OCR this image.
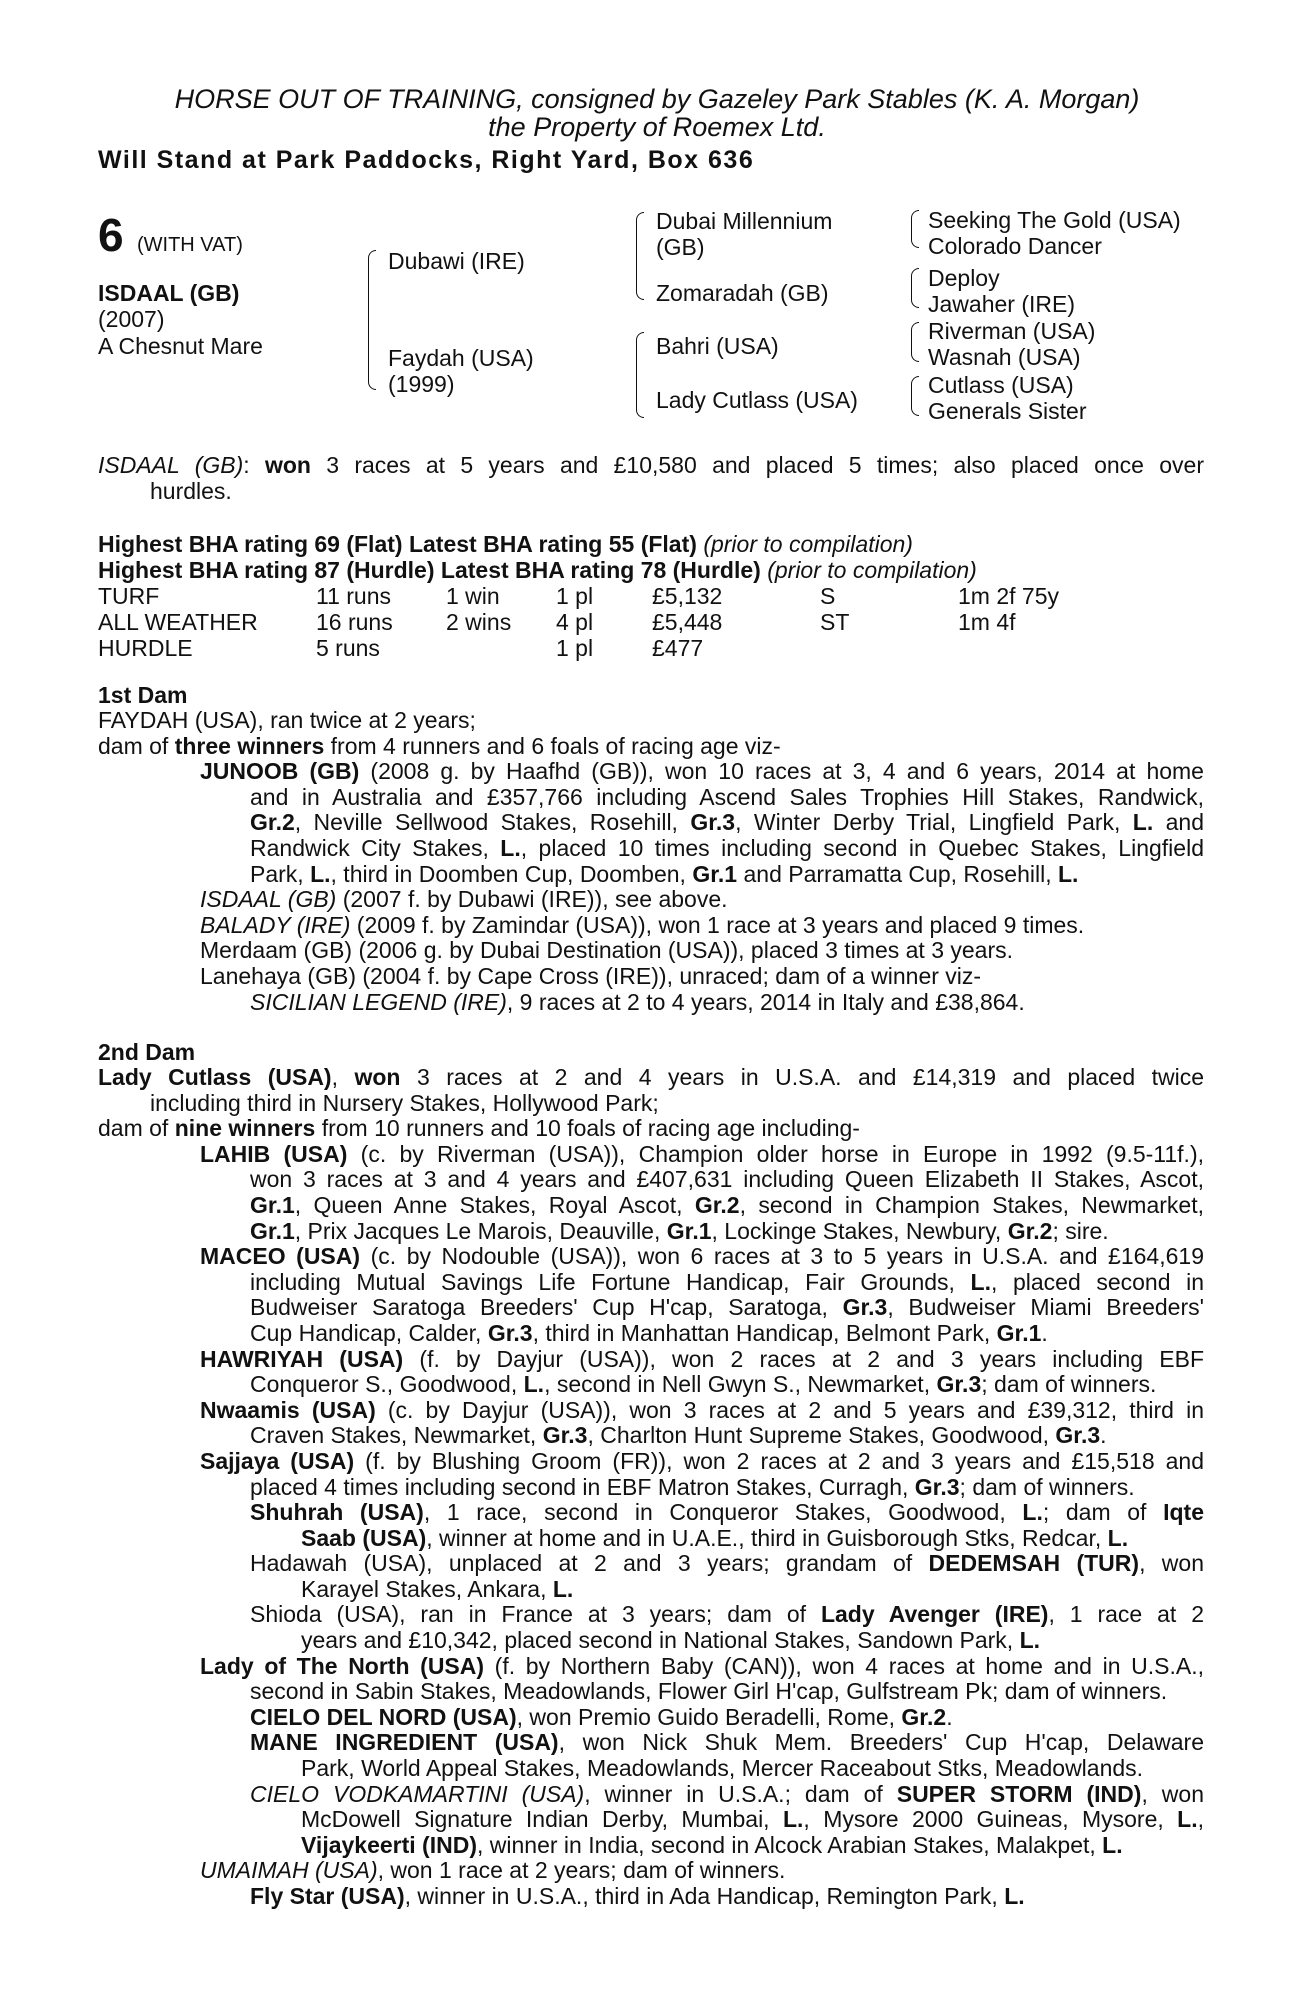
HORSE OUT OF TRAINING, consigned by Gazeley Park Stables (K. A. Morgan)
the Property of Roemex Ltd.
Will Stand at Park Paddocks, Right Yard, Box 636
6 (WITH VAT)
ISDAAL (GB)
(2007)
A Chesnut Mare
Dubawi (IRE)
Faydah (USA)
(1999)
Dubai Millennium
(GB)
Zomaradah (GB)
Bahri (USA)
Lady Cutlass (USA)
Seeking The Gold (USA)
Colorado Dancer
Deploy
Jawaher (IRE)
Riverman (USA)
Wasnah (USA)
Cutlass (USA)
Generals Sister
ISDAAL (GB): won 3 races at 5 years and £10,580 and placed 5 times; also placed once over
hurdles.
Highest BHA rating 69 (Flat) Latest BHA rating 55 (Flat) (prior to compilation)
Highest BHA rating 87 (Hurdle) Latest BHA rating 78 (Hurdle) (prior to compilation)
TURF	11 runs 1 win 1 pl	£5,132	S	1m 2f 75y
ALL WEATHER	16 runs 2 wins 4 pl	£5,448	ST	1m 4f
HURDLE	5 runs	1 pl	£477
1st Dam
FAYDAH (USA), ran twice at 2 years;
dam of three winners from 4 runners and 6 foals of racing age viz-
JUNOOB (GB) (2008 g. by Haafhd (GB)), won 10 races at 3, 4 and 6 years, 2014 at home
and in Australia and £357,766 including Ascend Sales Trophies Hill Stakes, Randwick,
Gr.2, Neville Sellwood Stakes, Rosehill, Gr.3, Winter Derby Trial, Lingfield Park, L. and
Randwick City Stakes, L., placed 10 times including second in Quebec Stakes, Lingfield
Park, L., third in Doomben Cup, Doomben, Gr.1 and Parramatta Cup, Rosehill, L.
ISDAAL (GB) (2007 f. by Dubawi (IRE)), see above.
BALADY (IRE) (2009 f. by Zamindar (USA)), won 1 race at 3 years and placed 9 times.
Merdaam (GB) (2006 g. by Dubai Destination (USA)), placed 3 times at 3 years.
Lanehaya (GB) (2004 f. by Cape Cross (IRE)), unraced; dam of a winner viz-
SICILIAN LEGEND (IRE), 9 races at 2 to 4 years, 2014 in Italy and £38,864.
2nd Dam
Lady Cutlass (USA), won 3 races at 2 and 4 years in U.S.A. and £14,319 and placed twice
including third in Nursery Stakes, Hollywood Park;
dam of nine winners from 10 runners and 10 foals of racing age including-
LAHIB (USA) (c. by Riverman (USA)), Champion older horse in Europe in 1992 (9.5-11f.),
won 3 races at 3 and 4 years and £407,631 including Queen Elizabeth II Stakes, Ascot,
Gr.1, Queen Anne Stakes, Royal Ascot, Gr.2, second in Champion Stakes, Newmarket,
Gr.1, Prix Jacques Le Marois, Deauville, Gr.1, Lockinge Stakes, Newbury, Gr.2; sire.
MACEO (USA) (c. by Nodouble (USA)), won 6 races at 3 to 5 years in U.S.A. and £164,619
including Mutual Savings Life Fortune Handicap, Fair Grounds, L., placed second in
Budweiser Saratoga Breeders' Cup H'cap, Saratoga, Gr.3, Budweiser Miami Breeders'
Cup Handicap, Calder, Gr.3, third in Manhattan Handicap, Belmont Park, Gr.1.
HAWRIYAH (USA) (f. by Dayjur (USA)), won 2 races at 2 and 3 years including EBF
Conqueror S., Goodwood, L., second in Nell Gwyn S., Newmarket, Gr.3; dam of winners.
Nwaamis (USA) (c. by Dayjur (USA)), won 3 races at 2 and 5 years and £39,312, third in
Craven Stakes, Newmarket, Gr.3, Charlton Hunt Supreme Stakes, Goodwood, Gr.3.
Sajjaya (USA) (f. by Blushing Groom (FR)), won 2 races at 2 and 3 years and £15,518 and
placed 4 times including second in EBF Matron Stakes, Curragh, Gr.3; dam of winners.
Shuhrah (USA), 1 race, second in Conqueror Stakes, Goodwood, L.; dam of Iqte
Saab (USA), winner at home and in U.A.E., third in Guisborough Stks, Redcar, L.
Hadawah (USA), unplaced at 2 and 3 years; grandam of DEDEMSAH (TUR), won
Karayel Stakes, Ankara, L.
Shioda (USA), ran in France at 3 years; dam of Lady Avenger (IRE), 1 race at 2
years and £10,342, placed second in National Stakes, Sandown Park, L.
Lady of The North (USA) (f. by Northern Baby (CAN)), won 4 races at home and in U.S.A.,
second in Sabin Stakes, Meadowlands, Flower Girl H'cap, Gulfstream Pk; dam of winners.
CIELO DEL NORD (USA), won Premio Guido Beradelli, Rome, Gr.2.
MANE INGREDIENT (USA), won Nick Shuk Mem. Breeders' Cup H'cap, Delaware
Park, World Appeal Stakes, Meadowlands, Mercer Raceabout Stks, Meadowlands.
CIELO VODKAMARTINI (USA), winner in U.S.A.; dam of SUPER STORM (IND), won
McDowell Signature Indian Derby, Mumbai, L., Mysore 2000 Guineas, Mysore, L.,
Vijaykeerti (IND), winner in India, second in Alcock Arabian Stakes, Malakpet, L.
UMAIMAH (USA), won 1 race at 2 years; dam of winners.
Fly Star (USA), winner in U.S.A., third in Ada Handicap, Remington Park, L.
